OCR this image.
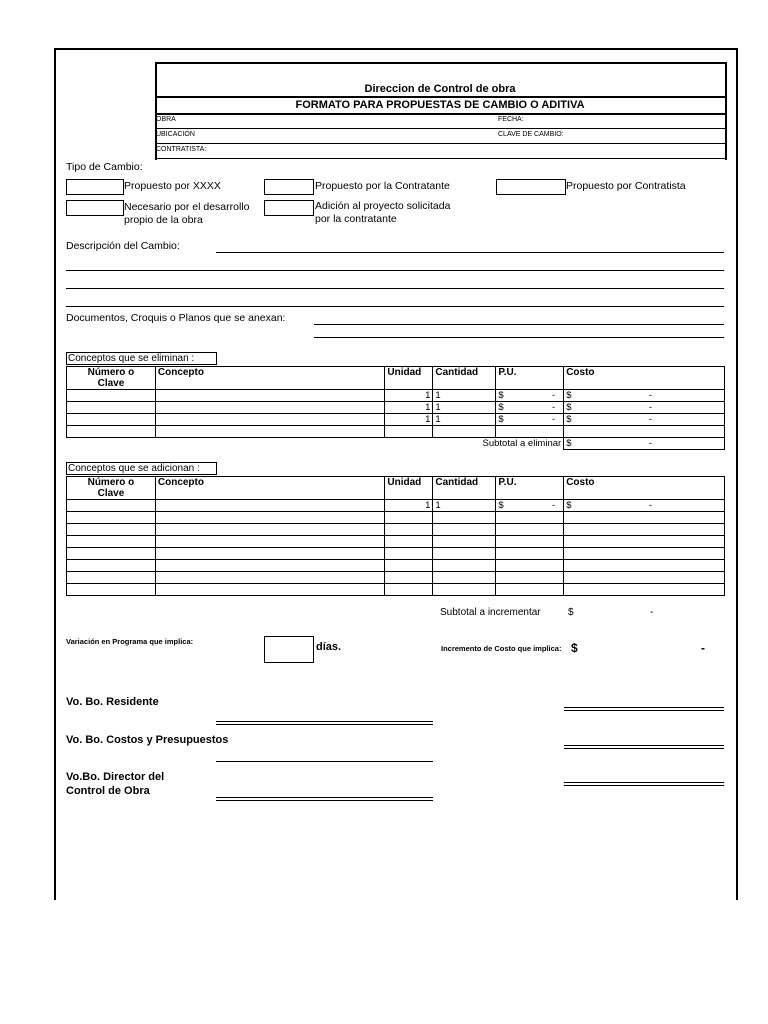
Direccion de Control de obra
FORMATO PARA PROPUESTAS DE CAMBIO O ADITIVA
OBRA	FECHA:
UBICACIÓN	CLAVE DE CAMBIO:
CONTRATISTA:
Tipo de Cambio:
Propuesto por XXXX	Propuesto por la Contratante	Propuesto por Contratista
Necesario por el desarrollo
propio de la obra
Adición al proyecto solicitada
por la contratante
Descripción del Cambio:
Documentos, Croquis o Planos que se anexan:
Conceptos que se eliminan :
Número o
Clave	Concepto	Unidad	Cantidad	P.U.	Costo
		1	1	$ -	$ -

		1	1	$ -	$ -

		1	1	$ -	$ -

			Subtotal a eliminar		$ -
Conceptos que se adicionan :
Número o
Clave	Concepto	Unidad	Cantidad	P.U.	Costo
		1	1	$ -	$ -

Subtotal a incrementar	$	-
Variación en Programa que implica:	días.	Incremento de Costo que implica: $	-
Vo. Bo. Residente
Vo. Bo. Costos y Presupuestos
Vo.Bo. Director del
Control de Obra
